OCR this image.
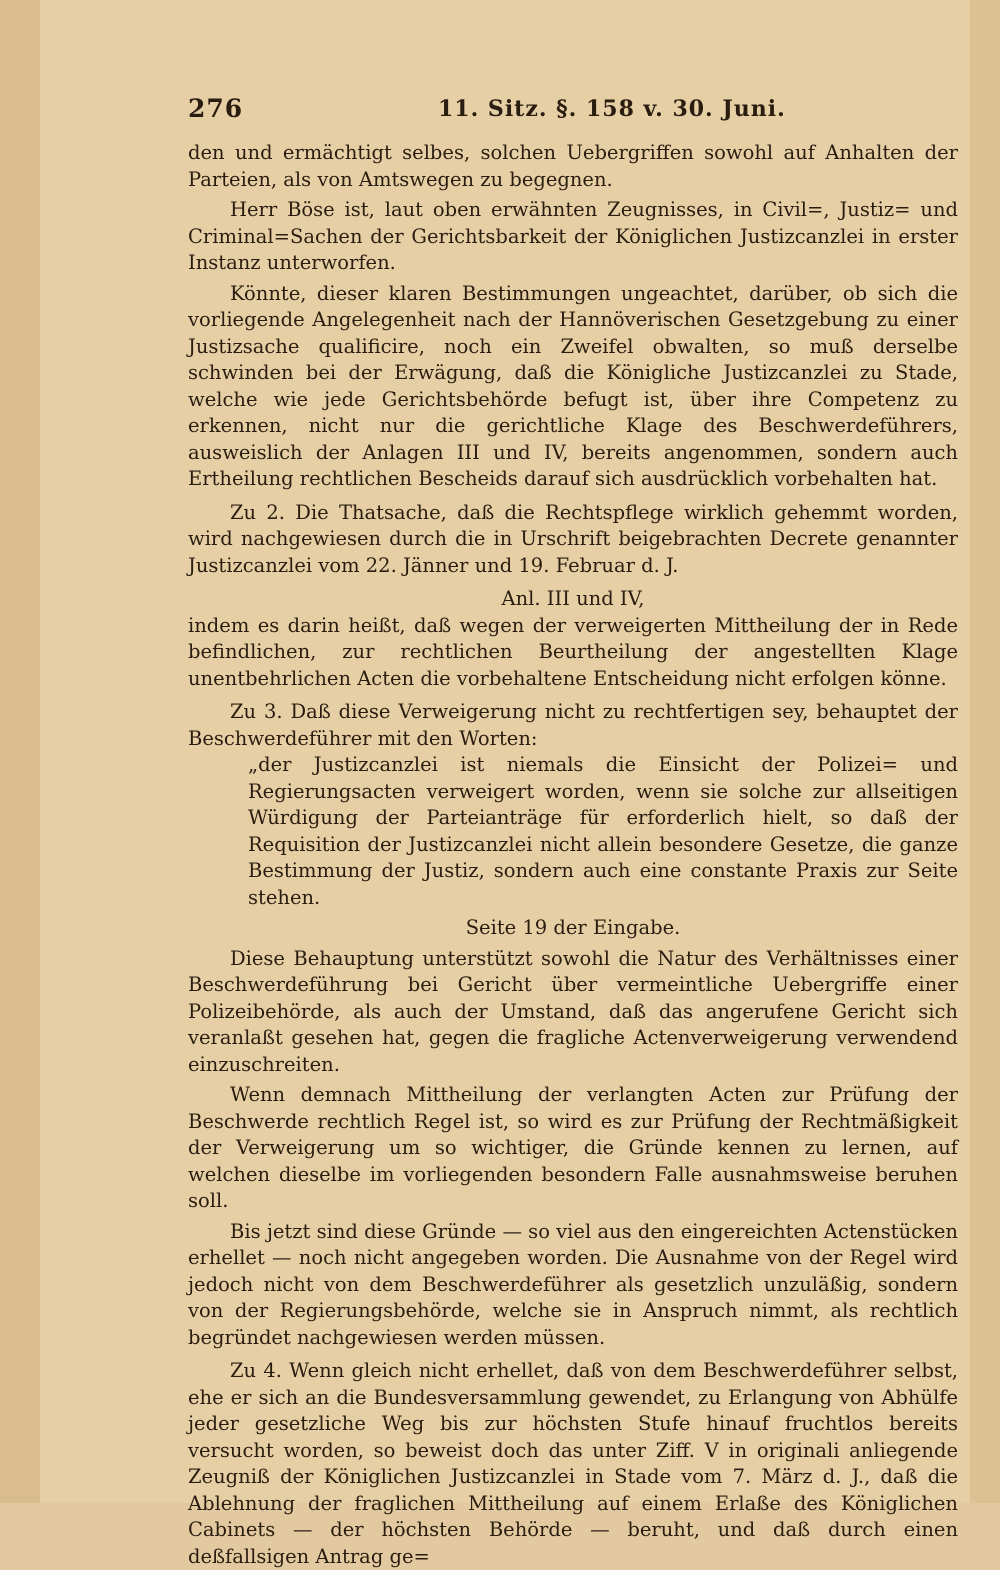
276	11. Sitz. §. 158 v. 30. Juni.

den und ermächtigt selbes, solchen Uebergriffen sowohl auf Anhalten der Parteien, als von Amtswegen zu begegnen.

Herr Böse ist, laut oben erwähnten Zeugnisses, in Civil=, Justiz= und Criminal=Sachen der Gerichtsbarkeit der Königlichen Justizcanzlei in erster Instanz unterworfen.

Könnte, dieser klaren Bestimmungen ungeachtet, darüber, ob sich die vorliegende Angelegenheit nach der Hannöverischen Gesetzgebung zu einer Justizsache qualificire, noch ein Zweifel obwalten, so muß derselbe schwinden bei der Erwägung, daß die Königliche Justizcanzlei zu Stade, welche wie jede Gerichtsbehörde befugt ist, über ihre Competenz zu erkennen, nicht nur die gerichtliche Klage des Beschwerdeführers, ausweislich der Anlagen III und IV, bereits angenommen, sondern auch Ertheilung rechtlichen Bescheids darauf sich ausdrücklich vorbehalten hat.

Zu 2. Die Thatsache, daß die Rechtspflege wirklich gehemmt worden, wird nachgewiesen durch die in Urschrift beigebrachten Decrete genannter Justizcanzlei vom 22. Jänner und 19. Februar d. J.

Anl. III und IV,

indem es darin heißt, daß wegen der verweigerten Mittheilung der in Rede befindlichen, zur rechtlichen Beurtheilung der angestellten Klage unentbehrlichen Acten die vorbehaltene Entscheidung nicht erfolgen könne.

Zu 3. Daß diese Verweigerung nicht zu rechtfertigen sey, behauptet der Beschwerdeführer mit den Worten:

„der Justizcanzlei ist niemals die Einsicht der Polizei= und Regierungsacten verweigert worden, wenn sie solche zur allseitigen Würdigung der Parteianträge für erforderlich hielt, so daß der Requisition der Justizcanzlei nicht allein besondere Gesetze, die ganze Bestimmung der Justiz, sondern auch eine constante Praxis zur Seite stehen.

Seite 19 der Eingabe.

Diese Behauptung unterstützt sowohl die Natur des Verhältnisses einer Beschwerdeführung bei Gericht über vermeintliche Uebergriffe einer Polizeibehörde, als auch der Umstand, daß das angerufene Gericht sich veranlaßt gesehen hat, gegen die fragliche Actenverweigerung verwendend einzuschreiten.

Wenn demnach Mittheilung der verlangten Acten zur Prüfung der Beschwerde rechtlich Regel ist, so wird es zur Prüfung der Rechtmäßigkeit der Verweigerung um so wichtiger, die Gründe kennen zu lernen, auf welchen dieselbe im vorliegenden besondern Falle ausnahmsweise beruhen soll.

Bis jetzt sind diese Gründe — so viel aus den eingereichten Actenstücken erhellet — noch nicht angegeben worden. Die Ausnahme von der Regel wird jedoch nicht von dem Beschwerdeführer als gesetzlich unzuläßig, sondern von der Regierungsbehörde, welche sie in Anspruch nimmt, als rechtlich begründet nachgewiesen werden müssen.

Zu 4. Wenn gleich nicht erhellet, daß von dem Beschwerdeführer selbst, ehe er sich an die Bundesversammlung gewendet, zu Erlangung von Abhülfe jeder gesetzliche Weg bis zur höchsten Stufe hinauf fruchtlos bereits versucht worden, so beweist doch das unter Ziff. V in originali anliegende Zeugniß der Königlichen Justizcanzlei in Stade vom 7. März d. J., daß die Ablehnung der fraglichen Mittheilung auf einem Erlaße des Königlichen Cabinets — der höchsten Behörde — beruht, und daß durch einen deßfallsigen Antrag ge=
